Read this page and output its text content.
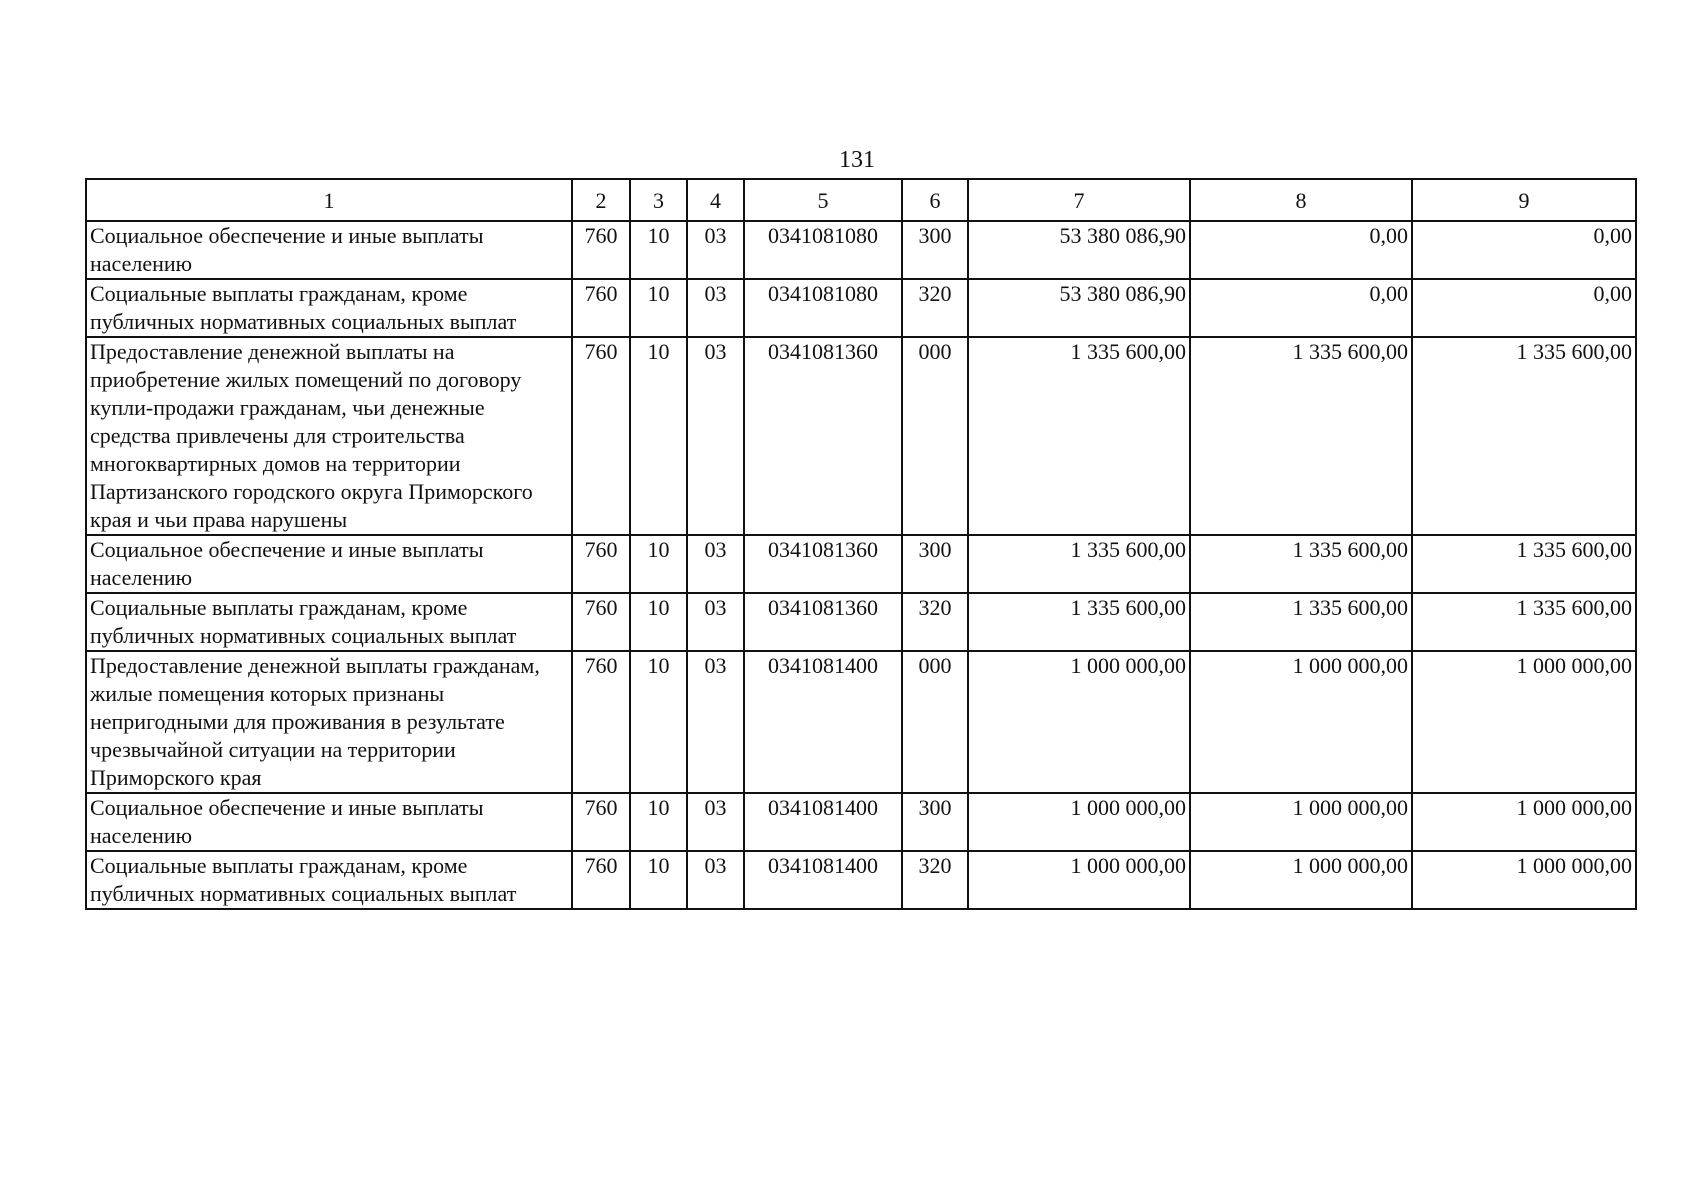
131
1	2	3	4	5	6	7	8	9
Социальное обеспечение и иные выплаты населению	760	10	03	0341081080	300	53 380 086,90	0,00	0,00
Социальные выплаты гражданам, кроме публичных нормативных социальных выплат	760	10	03	0341081080	320	53 380 086,90	0,00	0,00
Предоставление денежной выплаты на приобретение жилых помещений по договору купли-продажи гражданам, чьи денежные средства привлечены для строительства многоквартирных домов на территории Партизанского городского округа Приморского края и чьи права нарушены	760	10	03	0341081360	000	1 335 600,00	1 335 600,00	1 335 600,00
Социальное обеспечение и иные выплаты населению	760	10	03	0341081360	300	1 335 600,00	1 335 600,00	1 335 600,00
Социальные выплаты гражданам, кроме публичных нормативных социальных выплат	760	10	03	0341081360	320	1 335 600,00	1 335 600,00	1 335 600,00
Предоставление денежной выплаты гражданам, жилые помещения которых признаны непригодными для проживания в результате чрезвычайной ситуации на территории Приморского края	760	10	03	0341081400	000	1 000 000,00	1 000 000,00	1 000 000,00
Социальное обеспечение и иные выплаты населению	760	10	03	0341081400	300	1 000 000,00	1 000 000,00	1 000 000,00
Социальные выплаты гражданам, кроме публичных нормативных социальных выплат	760	10	03	0341081400	320	1 000 000,00	1 000 000,00	1 000 000,00
